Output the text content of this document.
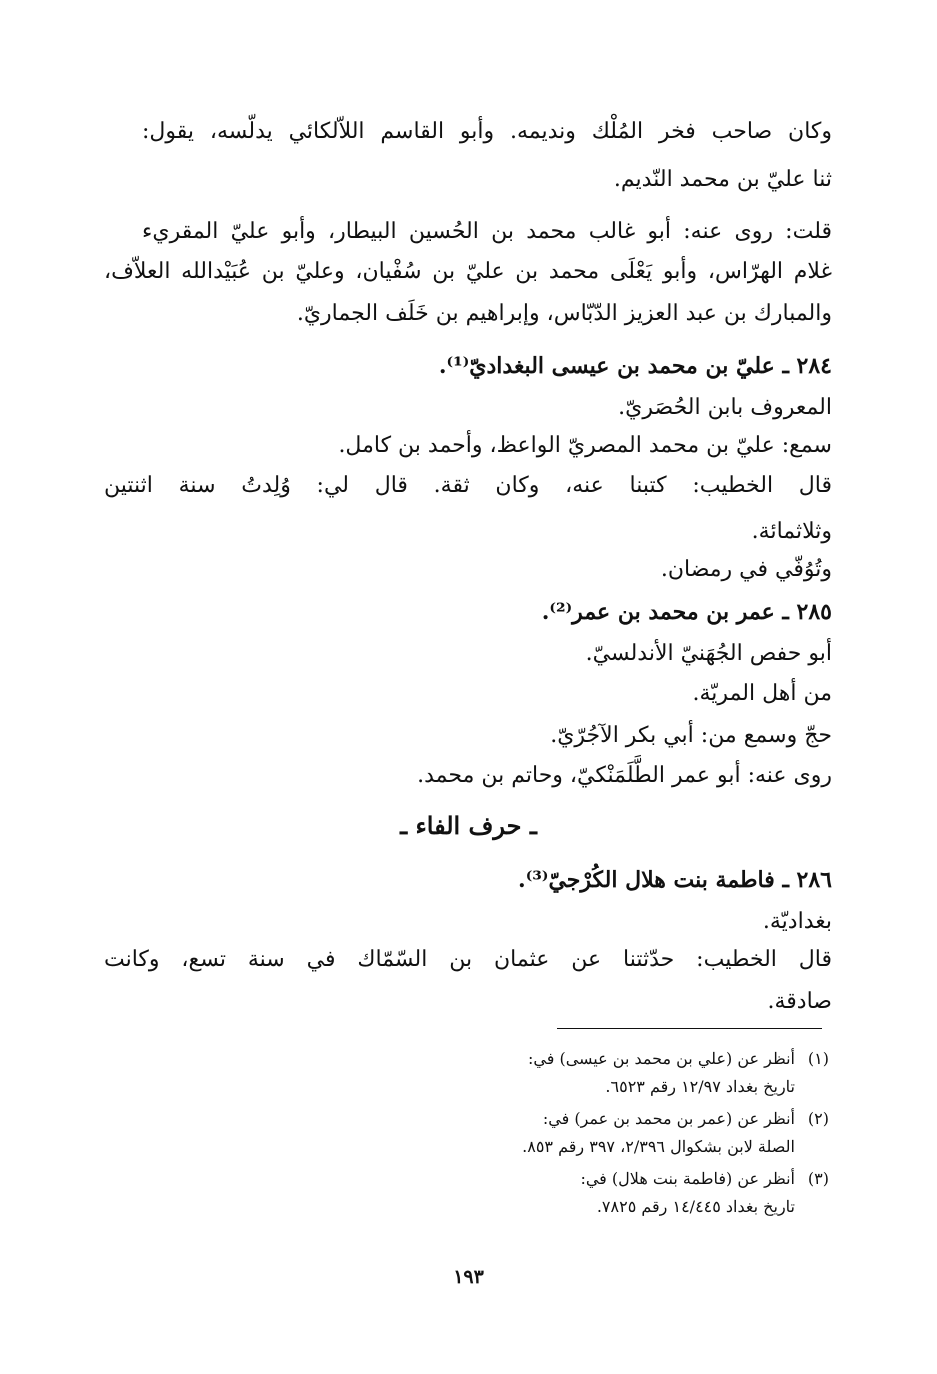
وكان صاحب فخر المُلْك ونديمه. وأبو القاسم اللاّلكائي يدلّسه، يقول:
ثنا عليّ بن محمد النّديم.
قلت: روى عنه: أبو غالب محمد بن الحُسين البيطار، وأبو عليّ المقريء
غلام الهرّاس، وأبو يَعْلَى محمد بن عليّ بن سُفْيان، وعليّ بن عُبَيْدالله العلاّف،
والمبارك بن عبد العزيز الدّبّاس، وإبراهيم بن خَلَف الجماريّ.
٢٨٤ ـ عليّ بن محمد بن عيسى البغداديّ⁽¹⁾.
المعروف بابن الحُصَريّ.
سمع: عليّ بن محمد المصريّ الواعظ، وأحمد بن كامل.
قال الخطيب: كتبنا عنه، وكان ثقة. قال لي: وُلِدتُ سنة اثنتين
وثلاثمائة.
وتُوُفّي في رمضان.
٢٨٥ ـ عمر بن محمد بن عمر⁽²⁾.
أبو حفص الجُهَنيّ الأندلسيّ.
من أهل المريّة.
حجّ وسمع من: أبي بكر الآجُرّيّ.
روى عنه: أبو عمر الطَّلَمَنْكيّ، وحاتم بن محمد.
ـ حرف الفاء ـ
٢٨٦ ـ فاطمة بنت هلال الكُرْجيّ⁽³⁾.
بغداديّة.
قال الخطيب: حدّثتنا عن عثمان بن السّمّاك في سنة تسع، وكانت
صادقة.
(١)أنظر عن (علي بن محمد بن عيسى) في:
تاريخ بغداد ١٢/٩٧ رقم ٦٥٢٣.
(٢)أنظر عن (عمر بن محمد بن عمر) في:
الصلة لابن بشكوال ٢/٣٩٦، ٣٩٧ رقم ٨٥٣.
(٣)أنظر عن (فاطمة بنت هلال) في:
تاريخ بغداد ١٤/٤٤٥ رقم ٧٨٢٥.
١٩٣
